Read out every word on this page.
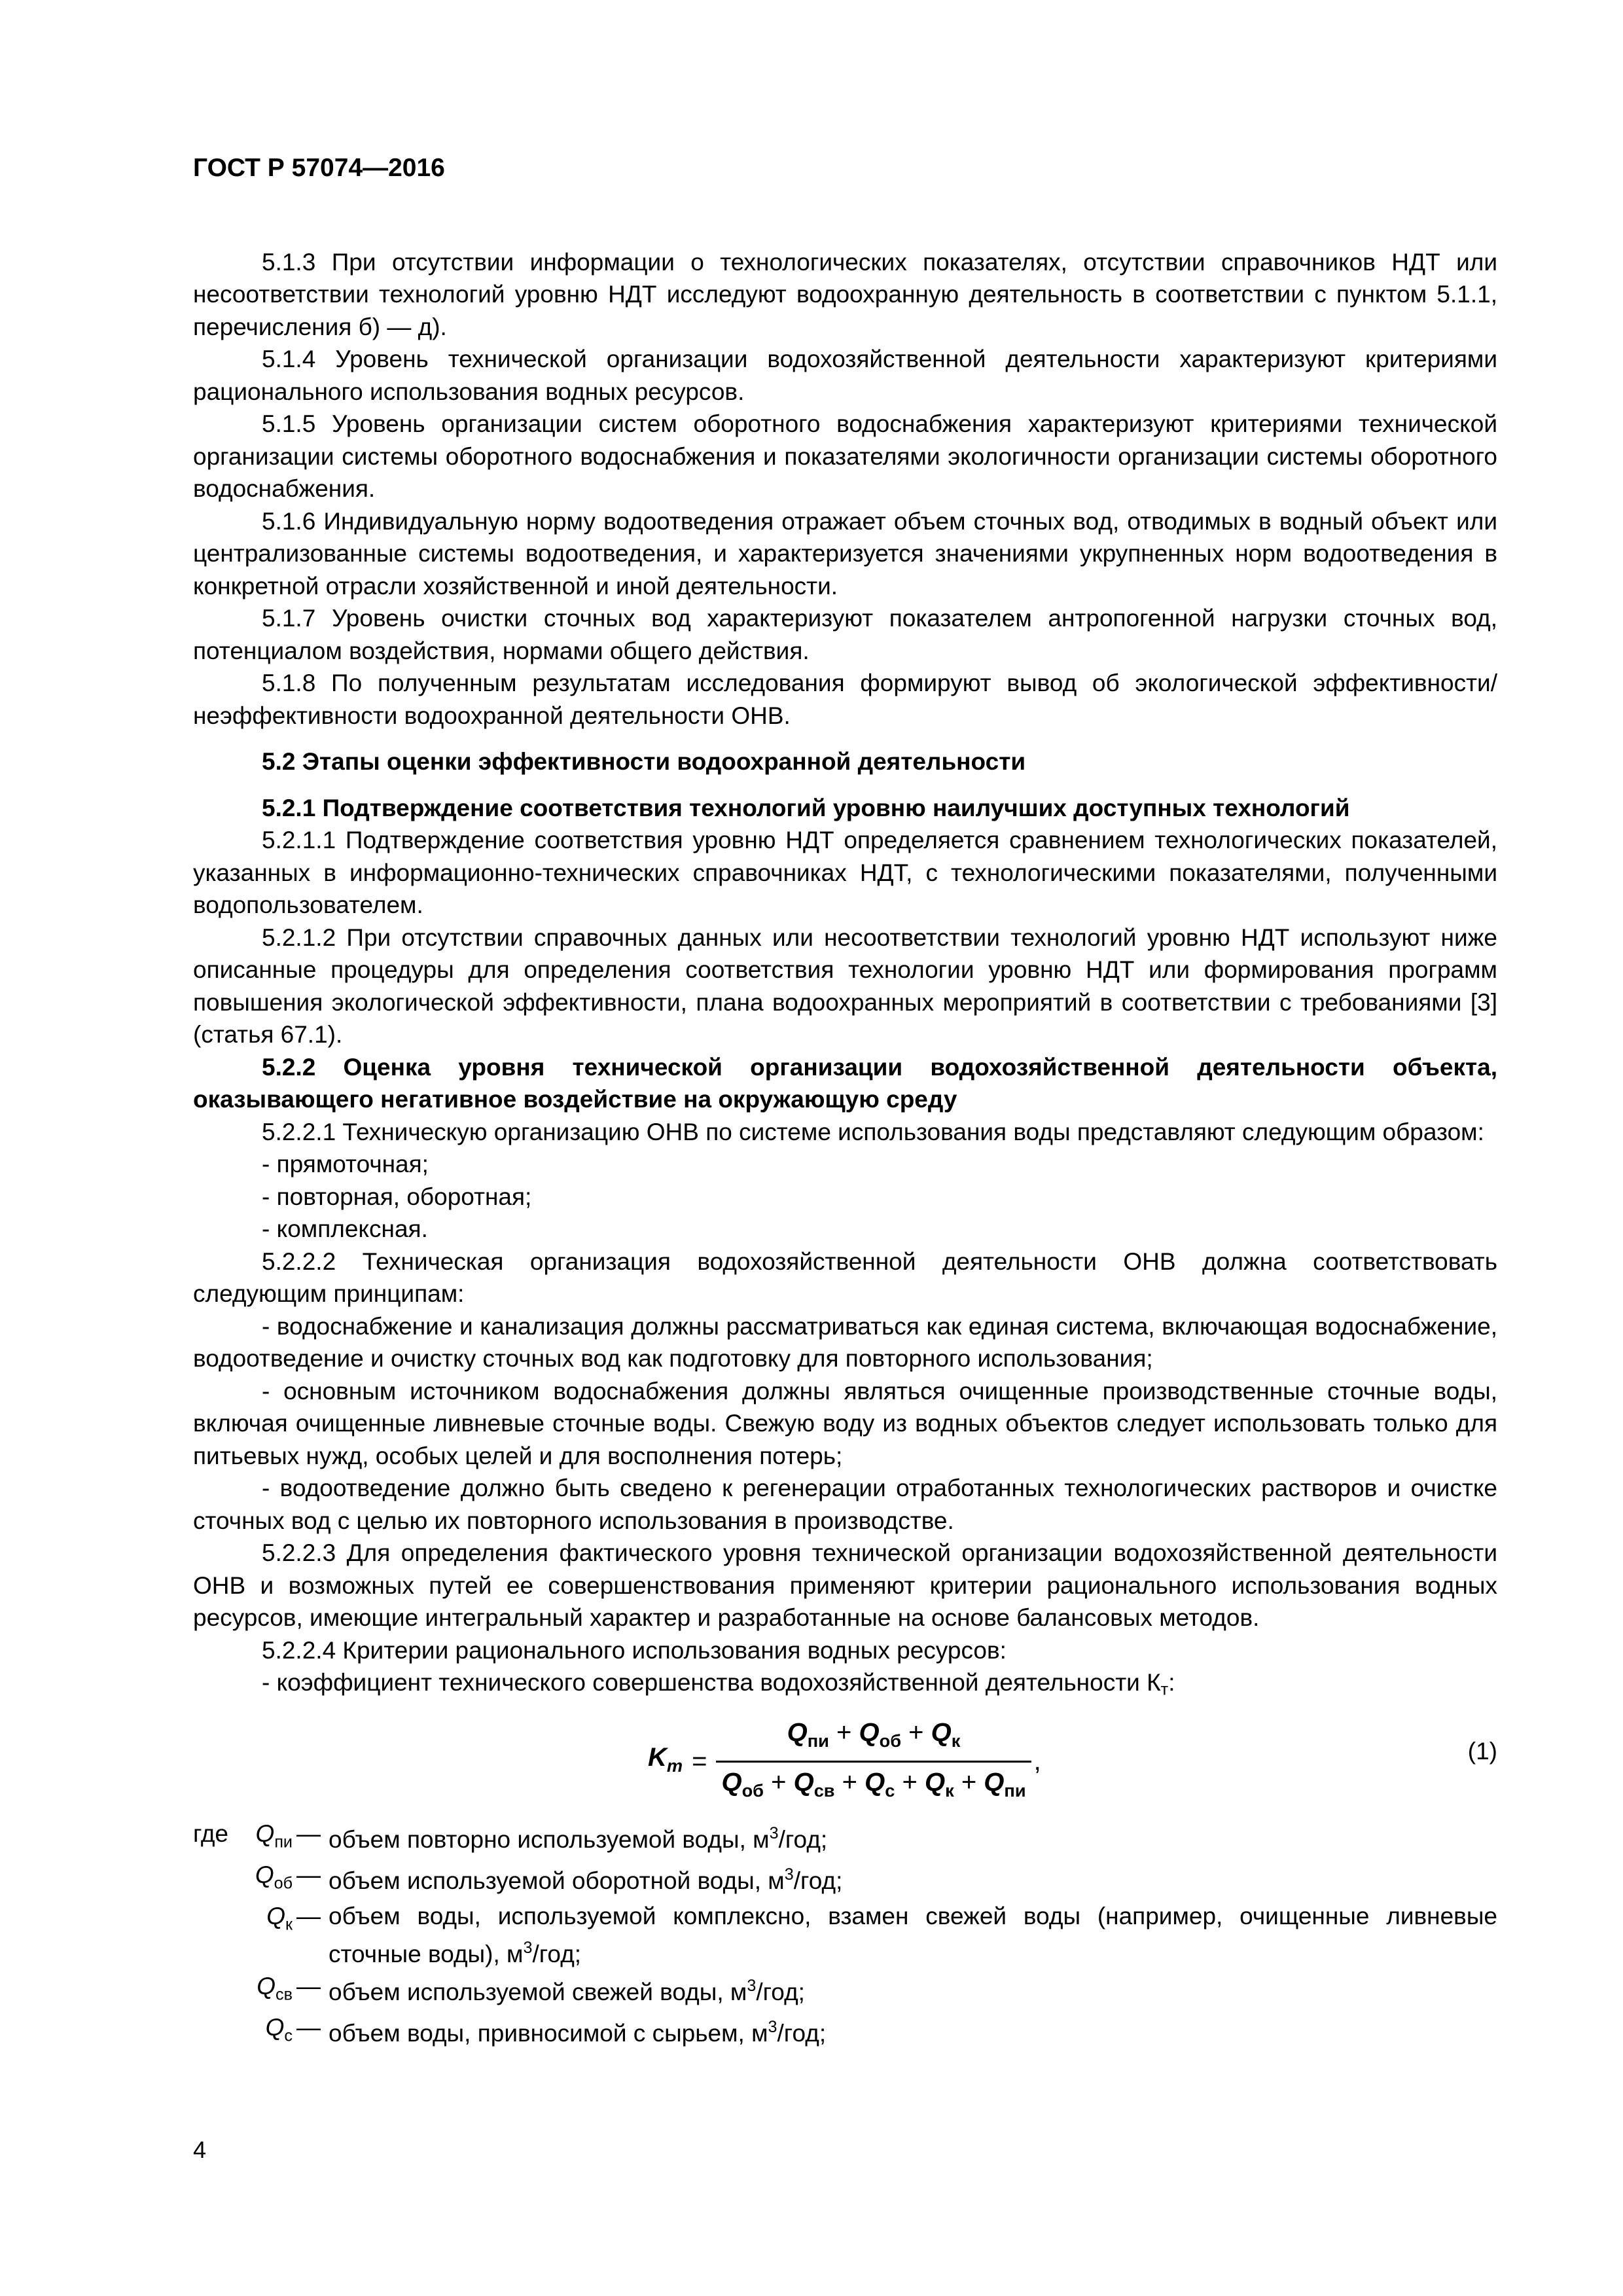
ГОСТ Р 57074—2016

5.1.3 При отсутствии информации о технологических показателях, отсутствии справочников НДТ или несоответствии технологий уровню НДТ исследуют водоохранную деятельность в соответствии с пунктом 5.1.1, перечисления б) — д).

5.1.4 Уровень технической организации водохозяйственной деятельности характеризуют критериями рационального использования водных ресурсов.

5.1.5 Уровень организации систем оборотного водоснабжения характеризуют критериями технической организации системы оборотного водоснабжения и показателями экологичности организации системы оборотного водоснабжения.

5.1.6 Индивидуальную норму водоотведения отражает объем сточных вод, отводимых в водный объект или централизованные системы водоотведения, и характеризуется значениями укрупненных норм водоотведения в конкретной отрасли хозяйственной и иной деятельности.

5.1.7 Уровень очистки сточных вод характеризуют показателем антропогенной нагрузки сточных вод, потенциалом воздействия, нормами общего действия.

5.1.8 По полученным результатам исследования формируют вывод об экологической эффективности/неэффективности водоохранной деятельности ОНВ.

5.2 Этапы оценки эффективности водоохранной деятельности

5.2.1 Подтверждение соответствия технологий уровню наилучших доступных технологий

5.2.1.1 Подтверждение соответствия уровню НДТ определяется сравнением технологических показателей, указанных в информационно-технических справочниках НДТ, с технологическими показателями, полученными водопользователем.

5.2.1.2 При отсутствии справочных данных или несоответствии технологий уровню НДТ используют ниже описанные процедуры для определения соответствия технологии уровню НДТ или формирования программ повышения экологической эффективности, плана водоохранных мероприятий в соответствии с требованиями [3] (статья 67.1).

5.2.2 Оценка уровня технической организации водохозяйственной деятельности объекта, оказывающего негативное воздействие на окружающую среду

5.2.2.1 Техническую организацию ОНВ по системе использования воды представляют следующим образом:

- прямоточная;

- повторная, оборотная;

- комплексная.

5.2.2.2 Техническая организация водохозяйственной деятельности ОНВ должна соответствовать следующим принципам:

- водоснабжение и канализация должны рассматриваться как единая система, включающая водоснабжение, водоотведение и очистку сточных вод как подготовку для повторного использования;

- основным источником водоснабжения должны являться очищенные производственные сточные воды, включая очищенные ливневые сточные воды. Свежую воду из водных объектов следует использовать только для питьевых нужд, особых целей и для восполнения потерь;

- водоотведение должно быть сведено к регенерации отработанных технологических растворов и очистке сточных вод с целью их повторного использования в производстве.

5.2.2.3 Для определения фактического уровня технической организации водохозяйственной деятельности ОНВ и возможных путей ее совершенствования применяют критерии рационального использования водных ресурсов, имеющие интегральный характер и разработанные на основе балансовых методов.

5.2.2.4 Критерии рационального использования водных ресурсов:

- коэффициент технического совершенства водохозяйственной деятельности Кт:

$K_т = \frac{Q_{пи} + Q_{об} + Q_к}{Q_{об} + Q_{св} + Q_с + Q_к + Q_{пи}}$ ,	(1)
где	$Q_{пи}$ — объем повторно используемой воды, $м^3$/год;
$Q_{об}$ — объем используемой оборотной воды, $м^3$/год;
$Q_к$ — объем воды, используемой комплексно, взамен свежей воды (например, очищенные ливневые сточные воды), $м^3$/год;
$Q_{св}$ — объем используемой свежей воды, $м^3$/год;
$Q_с$ — объем воды, привносимой с сырьем, $м^3$/год;
4
